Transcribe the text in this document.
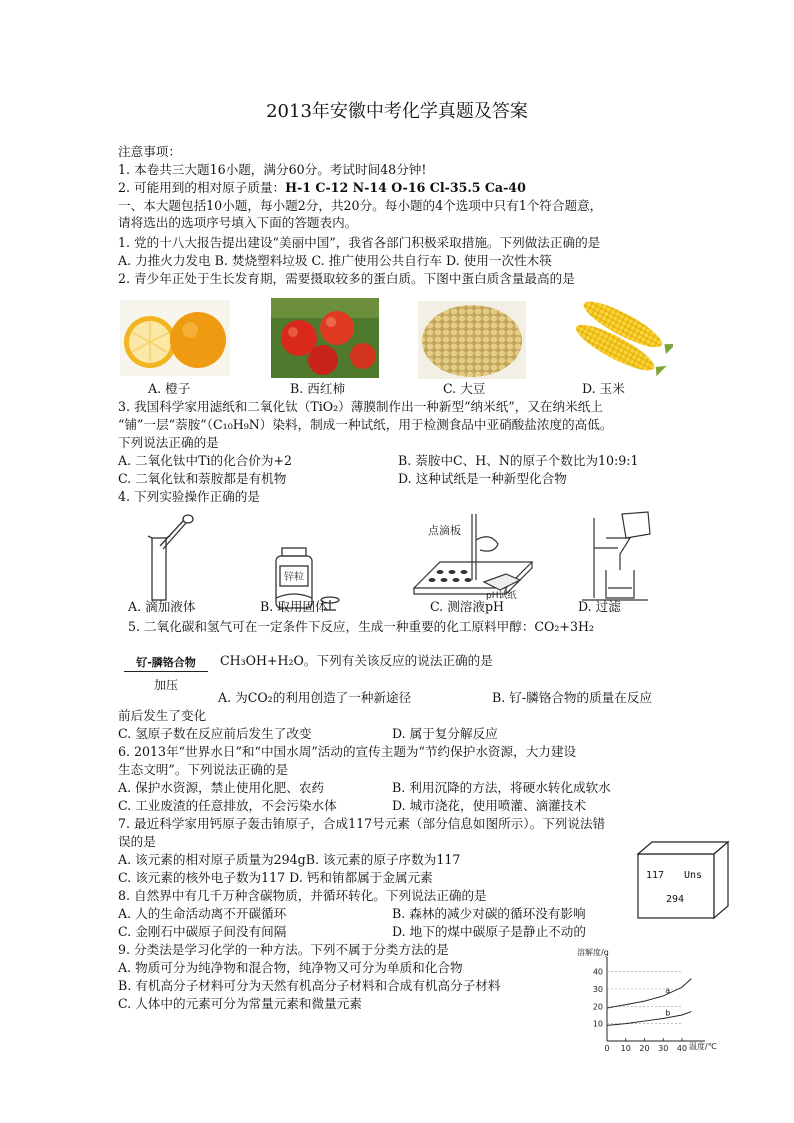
2013年安徽中考化学真题及答案
注意事项：
1. 本卷共三大题16小题，满分60分。考试时间48分钟!
2. 可能用到的相对原子质量：H-1 C-12 N-14 O-16 Cl-35.5 Ca-40
一、本大题包括10小题，每小题2分，共20分。每小题的4个选项中只有1个符合题意，
请将选出的选项序号填入下面的答题表内。
1. 党的十八大报告提出建设“美丽中国”，我省各部门积极采取措施。下列做法正确的是
A. 力推火力发电 B. 焚烧塑料垃圾 C. 推广使用公共自行车 D. 使用一次性木筷
2. 青少年正处于生长发育期，需要摄取较多的蛋白质。下图中蛋白质含量最高的是
A. 橙子	B. 西红柿	C. 大豆	D. 玉米
3. 我国科学家用滤纸和二氧化钛（TiO₂）薄膜制作出一种新型“纳米纸”，又在纳米纸上
“铺”一层“萘胺”（C₁₀H₉N）染料，制成一种试纸，用于检测食品中亚硝酸盐浓度的高低。
下列说法正确的是
A. 二氧化钛中Ti的化合价为+2	B. 萘胺中C、H、N的原子个数比为10:9:1
C. 二氧化钛和萘胺都是有机物	D. 这种试纸是一种新型化合物
4. 下列实验操作正确的是
锌粒
点滴板
pH试纸
A. 滴加液体	B. 取用固体	C. 测溶液pH	D. 过滤
5. 二氧化碳和氢气可在一定条件下反应，生成一种重要的化工原料甲醇：CO₂+3H₂
钌-膦铬合物
加压
CH₃OH+H₂O。下列有关该反应的说法正确的是
A. 为CO₂的利用创造了一种新途径	B. 钌-膦铬合物的质量在反应
前后发生了变化
C. 氢原子数在反应前后发生了改变	D. 属于复分解反应
6. 2013年“世界水日”和“中国水周”活动的宣传主题为“节约保护水资源，大力建设
生态文明”。下列说法正确的是
A. 保护水资源，禁止使用化肥、农药	B. 利用沉降的方法，将硬水转化成软水
C. 工业废渣的任意排放，不会污染水体	D. 城市浇花，使用喷灌、滴灌技术
7. 最近科学家用钙原子轰击铕原子，合成117号元素（部分信息如图所示）。下列说法错
误的是
A. 该元素的相对原子质量为294gB. 该元素的原子序数为117
C. 该元素的核外电子数为117 D. 钙和铕都属于金属元素	117 Uns
294
8. 自然界中有几千万种含碳物质，并循环转化。下列说法正确的是
A. 人的生命活动离不开碳循环	B. 森林的减少对碳的循环没有影响
C. 金刚石中碳原子间没有间隔	D. 地下的煤中碳原子是静止不动的
9. 分类法是学习化学的一种方法。下列不属于分类方法的是
A. 物质可分为纯净物和混合物，纯净物又可分为单质和化合物
B. 有机高分子材料可分为天然有机高分子材料和合成有机高分子材料
C. 人体中的元素可分为常量元素和微量元素
溶解度/g
温度/℃
10
20
30
40
0 10 20 30 40
a
b
